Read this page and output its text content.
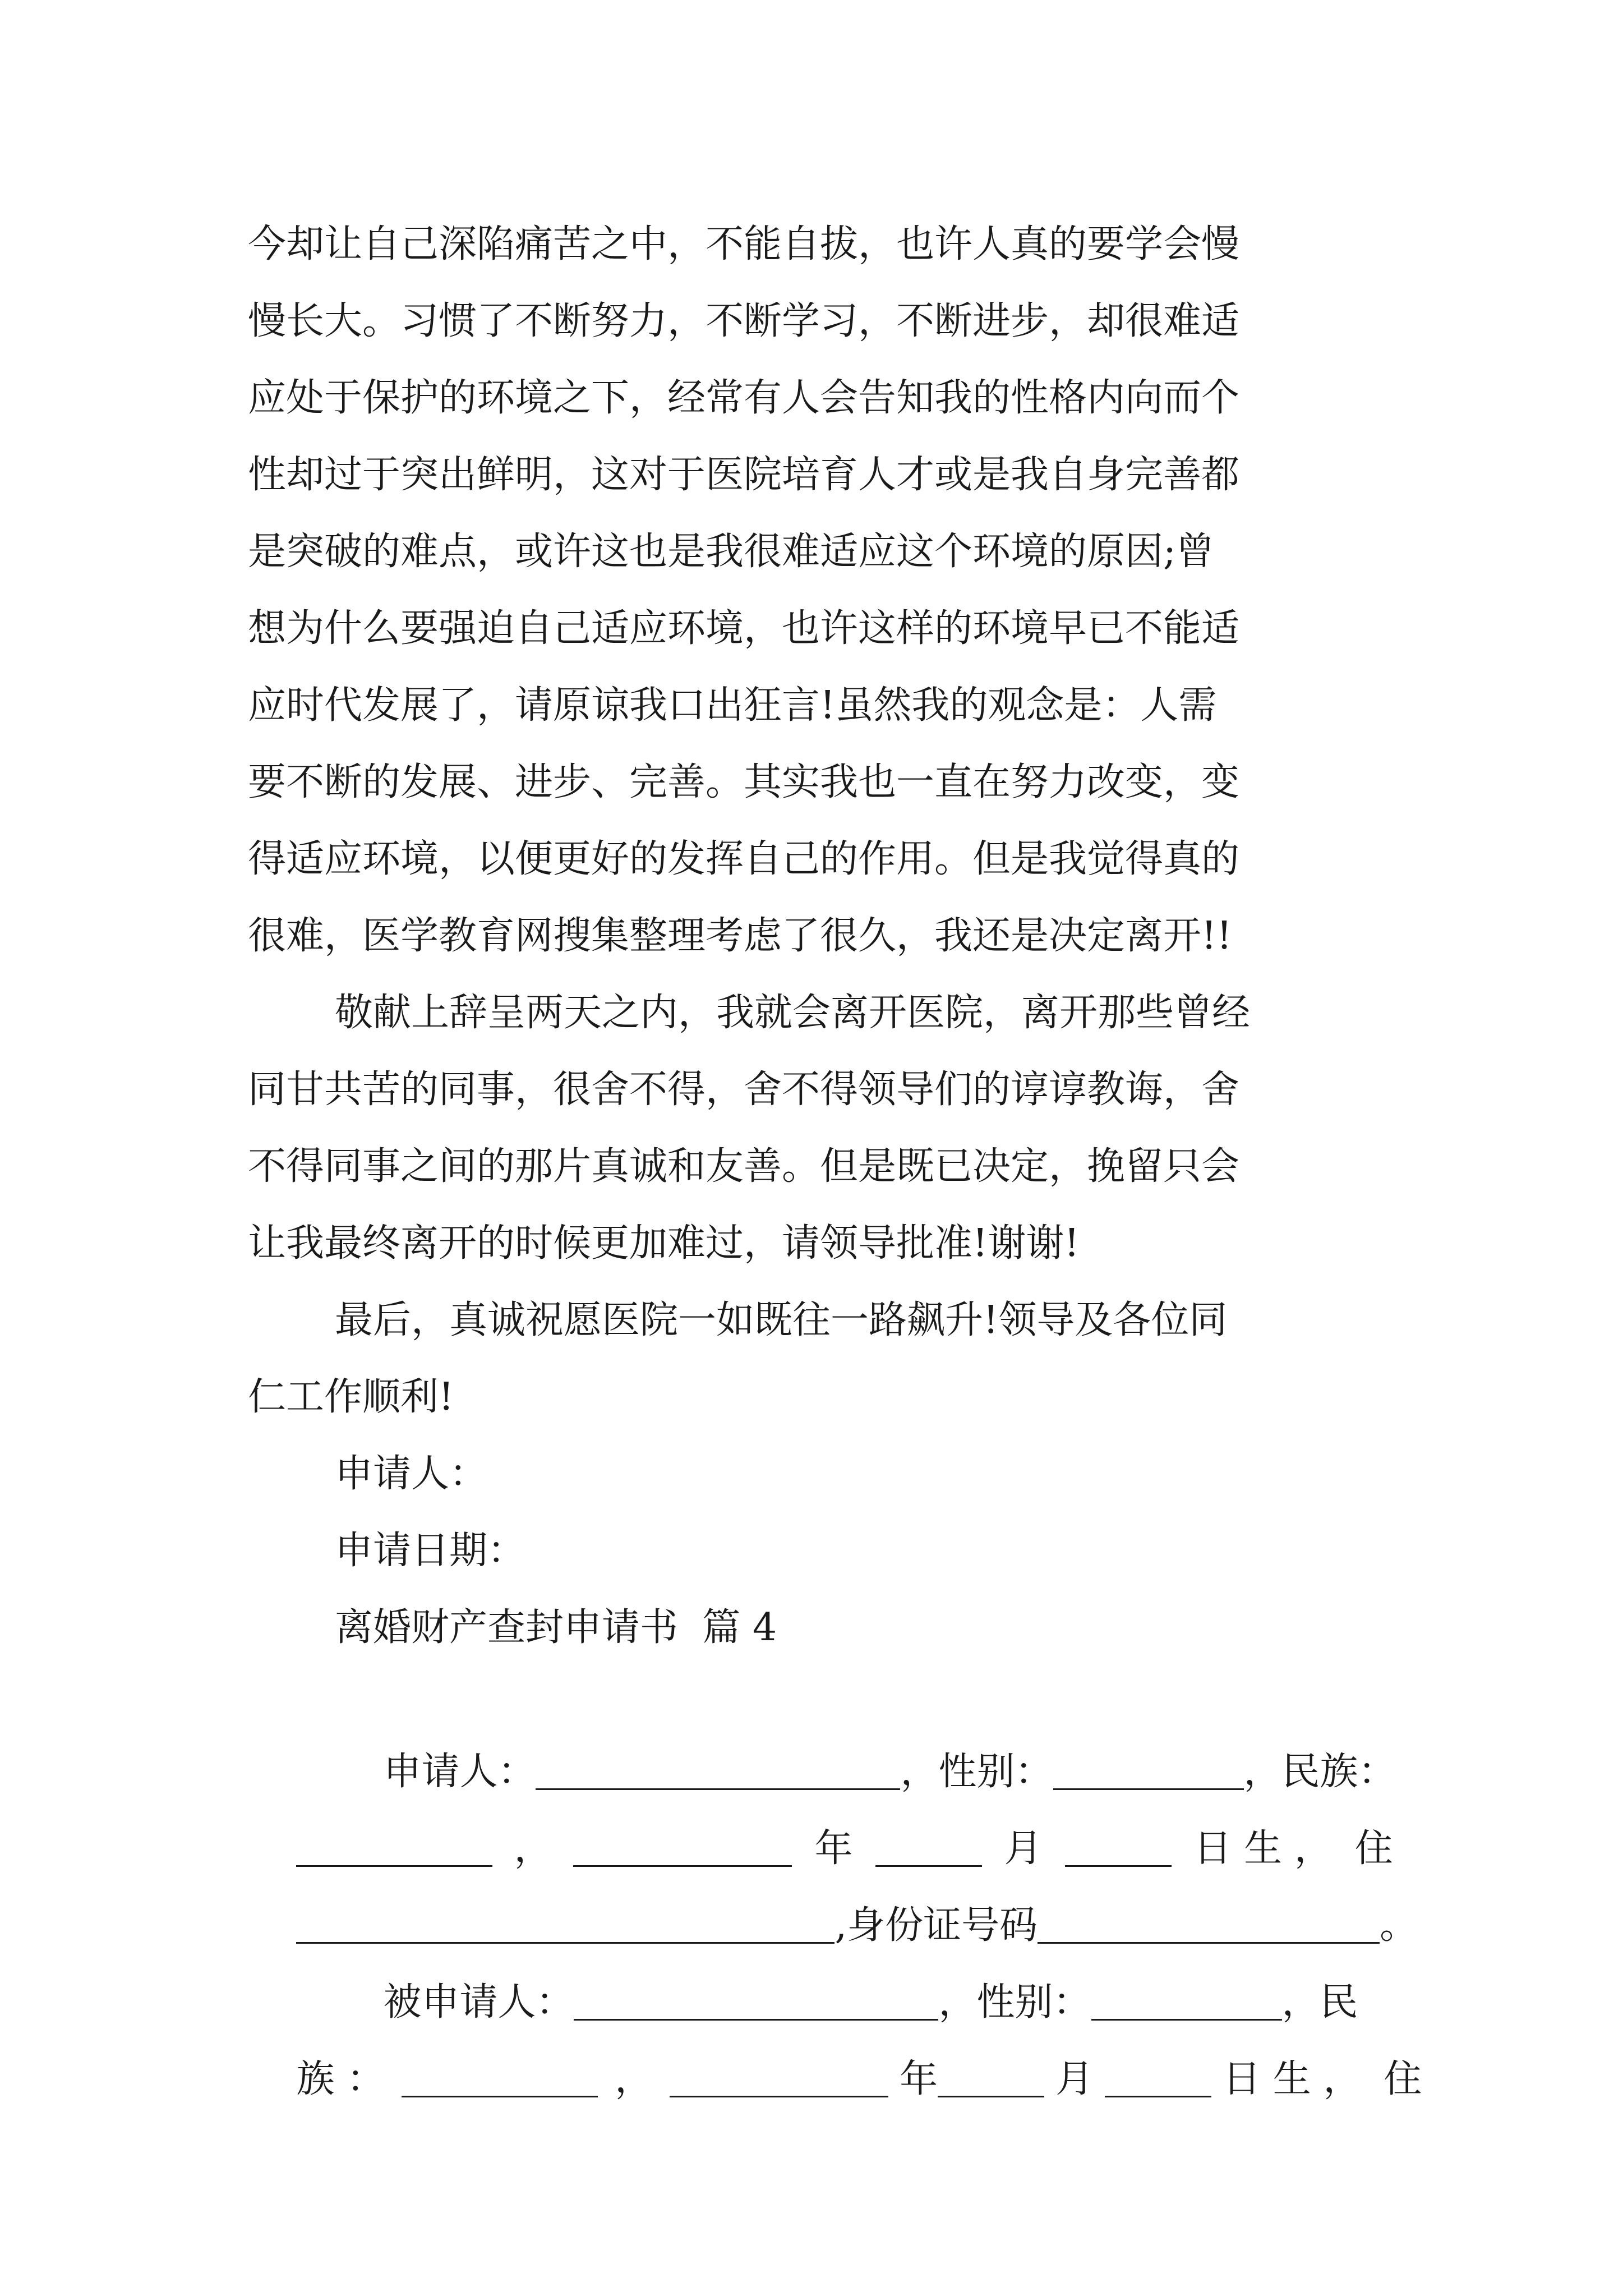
今却让自己深陷痛苦之中，不能自拔，也许人真的要学会慢
慢长大。习惯了不断努力，不断学习，不断进步，却很难适
应处于保护的环境之下，经常有人会告知我的性格内向而个
性却过于突出鲜明，这对于医院培育人才或是我自身完善都
是突破的难点，或许这也是我很难适应这个环境的原因;曾
想为什么要强迫自己适应环境，也许这样的环境早已不能适
应时代发展了，请原谅我口出狂言!虽然我的观念是：人需
要不断的发展、进步、完善。其实我也一直在努力改变，变
得适应环境，以便更好的发挥自己的作用。但是我觉得真的
很难，医学教育网搜集整理考虑了很久，我还是决定离开!!
敬献上辞呈两天之内，我就会离开医院，离开那些曾经
同甘共苦的同事，很舍不得，舍不得领导们的谆谆教诲，舍
不得同事之间的那片真诚和友善。但是既已决定，挽留只会
让我最终离开的时候更加难过，请领导批准!谢谢!
最后，真诚祝愿医院一如既往一路飙升!领导及各位同
仁工作顺利!
申请人：
申请日期：
离婚财产查封申请书  篇 4

申请人：	，性别：	，民族：

，	年	月	日 生 ， 住

,身份证号码	。

被申请人：	，性别：	，民

族 ：	，	年	月	日 生 ， 住
